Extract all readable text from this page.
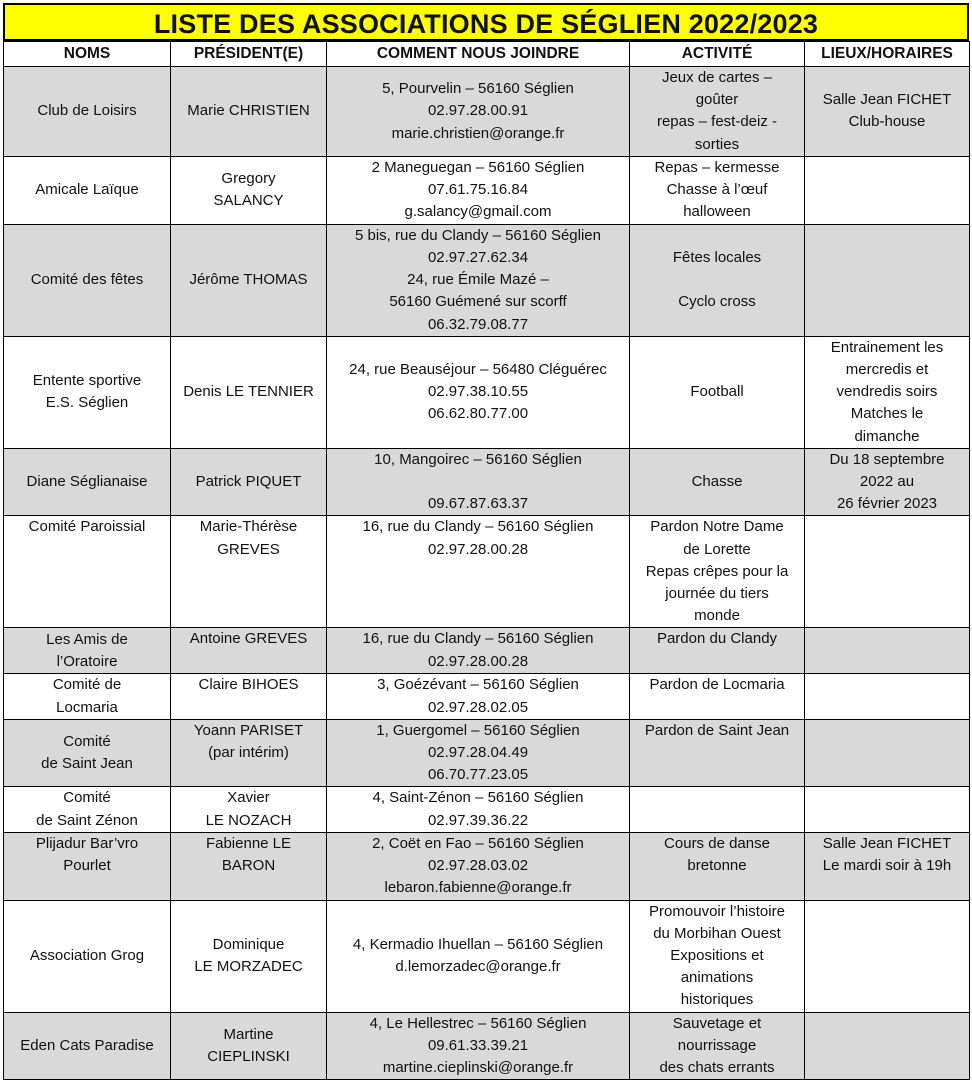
LISTE DES ASSOCIATIONS DE SÉGLIEN 2022/2023
NOMS	PRÉSIDENT(E)	COMMENT NOUS JOINDRE	ACTIVITÉ	LIEUX/HORAIRES

Club de Loisirs	Marie CHRISTIEN	5, Pourvelin – 56160 Séglien
02.97.28.00.91
marie.christien@orange.fr	Jeux de cartes –
goûter
repas – fest-deiz -
sorties	Salle Jean FICHET
Club-house

Amicale Laïque	Gregory
SALANCY	2 Maneguegan – 56160 Séglien
07.61.75.16.84
g.salancy@gmail.com	Repas – kermesse
Chasse à l’œuf
halloween	

Comité des fêtes	Jérôme THOMAS	5 bis, rue du Clandy – 56160 Séglien
02.97.27.62.34
24, rue Émile Mazé –
56160 Guémené sur scorff
06.32.79.08.77	Fêtes locales

Cyclo cross	

Entente sportive
E.S. Séglien	Denis LE TENNIER	24, rue Beauséjour – 56480 Cléguérec
02.97.38.10.55
06.62.80.77.00	Football	Entrainement les
mercredis et
vendredis soirs
Matches le
dimanche

Diane Séglianaise	Patrick PIQUET	10, Mangoirec – 56160 Séglien

09.67.87.63.37	Chasse	Du 18 septembre
2022 au
26 février 2023

Comité Paroissial	Marie-Thérèse
GREVES	16, rue du Clandy – 56160 Séglien
02.97.28.00.28	Pardon Notre Dame
de Lorette
Repas crêpes pour la
journée du tiers
monde	

Les Amis de
l’Oratoire	Antoine GREVES	16, rue du Clandy – 56160 Séglien
02.97.28.00.28	Pardon du Clandy	

Comité de
Locmaria	Claire BIHOES	3, Goézévant – 56160 Séglien
02.97.28.02.05	Pardon de Locmaria	

Comité
de Saint Jean	Yoann PARISET
(par intérim)	1, Guergomel – 56160 Séglien
02.97.28.04.49
06.70.77.23.05	Pardon de Saint Jean	

Comité
de Saint Zénon	Xavier
LE NOZACH	4, Saint-Zénon – 56160 Séglien
02.97.39.36.22		

Plijadur Bar’vro
Pourlet	Fabienne LE
BARON	2, Coët en Fao – 56160 Séglien
02.97.28.03.02
lebaron.fabienne@orange.fr	Cours de danse
bretonne	Salle Jean FICHET
Le mardi soir à 19h

Association Grog	Dominique
LE MORZADEC	4, Kermadio Ihuellan – 56160 Séglien
d.lemorzadec@orange.fr	Promouvoir l’histoire
du Morbihan Ouest
Expositions et
animations
historiques	

Eden Cats Paradise	Martine
CIEPLINSKI	4, Le Hellestrec – 56160 Séglien
09.61.33.39.21
martine.cieplinski@orange.fr	Sauvetage et
nourrissage
des chats errants	
